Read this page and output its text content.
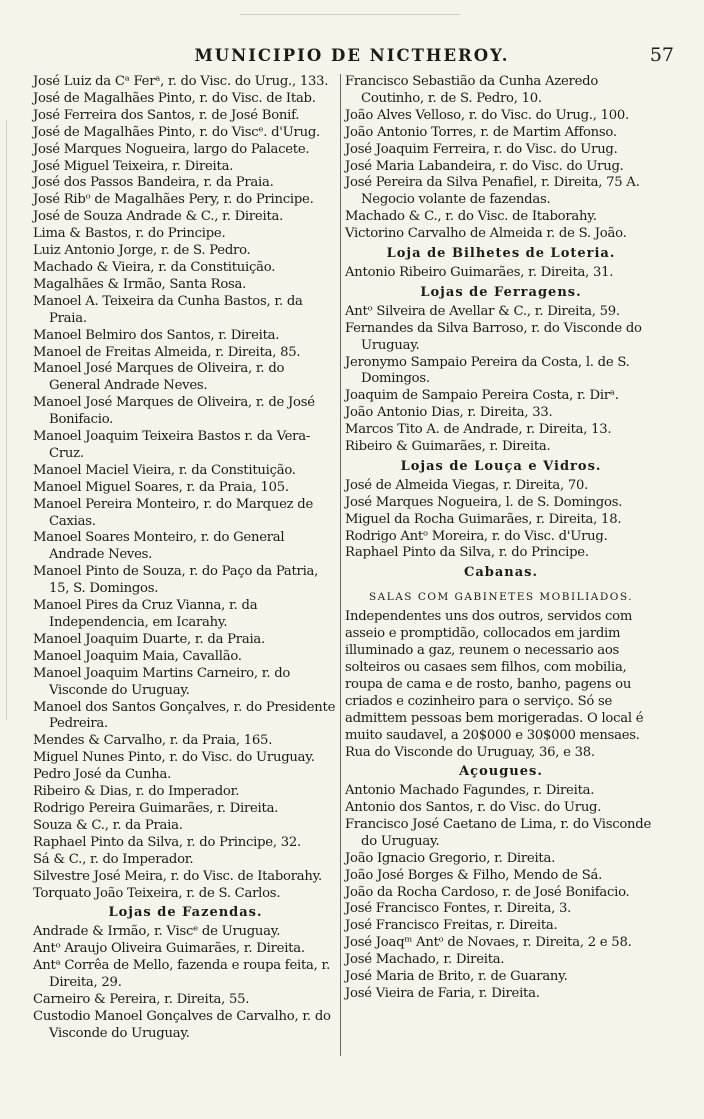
MUNICIPIO DE NICTHEROY.	57
José Luiz da Cᵃ Ferᵃ, r. do Visc. do Urug., 133.
José de Magalhães Pinto, r. do Visc. de Itab.
José Ferreira dos Santos, r. de José Bonif.
José de Magalhães Pinto, r. do Viscᵉ. d'Urug.
José Marques Nogueira, largo do Palacete.
José Miguel Teixeira, r. Direita.
José dos Passos Bandeira, r. da Praia.
José Ribᵒ de Magalhães Pery, r. do Principe.
José de Souza Andrade & C., r. Direita.
Lima & Bastos, r. do Principe.
Luiz Antonio Jorge, r. de S. Pedro.
Machado & Vieira, r. da Constituição.
Magalhães & Irmão, Santa Rosa.
Manoel A. Teixeira da Cunha Bastos, r. da Praia.
Manoel Belmiro dos Santos, r. Direita.
Manoel de Freitas Almeida, r. Direita, 85.
Manoel José Marques de Oliveira, r. do General Andrade Neves.
Manoel José Marques de Oliveira, r. de José Bonifacio.
Manoel Joaquim Teixeira Bastos r. da Vera-Cruz.
Manoel Maciel Vieira, r. da Constituição.
Manoel Miguel Soares, r. da Praia, 105.
Manoel Pereira Monteiro, r. do Marquez de Caxias.
Manoel Soares Monteiro, r. do General Andrade Neves.
Manoel Pinto de Souza, r. do Paço da Patria, 15, S. Domingos.
Manoel Pires da Cruz Vianna, r. da Independencia, em Icarahy.
Manoel Joaquim Duarte, r. da Praia.
Manoel Joaquim Maia, Cavallão.
Manoel Joaquim Martins Carneiro, r. do Visconde do Uruguay.
Manoel dos Santos Gonçalves, r. do Presidente Pedreira.
Mendes & Carvalho, r. da Praia, 165.
Miguel Nunes Pinto, r. do Visc. do Uruguay.
Pedro José da Cunha.
Ribeiro & Dias, r. do Imperador.
Rodrigo Pereira Guimarães, r. Direita.
Souza & C., r. da Praia.
Raphael Pinto da Silva, r. do Principe, 32.
Sá & C., r. do Imperador.
Silvestre José Meira, r. do Visc. de Itaborahy.
Torquato João Teixeira, r. de S. Carlos.
Lojas de Fazendas.
Andrade & Irmão, r. Viscᵉ de Uruguay.
Antᵒ Araujo Oliveira Guimarães, r. Direita.
Antᵃ Corrêa de Mello, fazenda e roupa feita, r. Direita, 29.
Carneiro & Pereira, r. Direita, 55.
Custodio Manoel Gonçalves de Carvalho, r. do Visconde do Uruguay.
Francisco Sebastião da Cunha Azeredo Coutinho, r. de S. Pedro, 10.
João Alves Velloso, r. do Visc. do Urug., 100.
João Antonio Torres, r. de Martim Affonso.
José Joaquim Ferreira, r. do Visc. do Urug.
José Maria Labandeira, r. do Visc. do Urug.
José Pereira da Silva Penafiel, r. Direita, 75 A. Negocio volante de fazendas.
Machado & C., r. do Visc. de Itaborahy.
Victorino Carvalho de Almeida r. de S. João.
Loja de Bilhetes de Loteria.
Antonio Ribeiro Guimarães, r. Direita, 31.
Lojas de Ferragens.
Antᵒ Silveira de Avellar & C., r. Direita, 59.
Fernandes da Silva Barroso, r. do Visconde do Uruguay.
Jeronymo Sampaio Pereira da Costa, l. de S. Domingos.
Joaquim de Sampaio Pereira Costa, r. Dirᵃ.
João Antonio Dias, r. Direita, 33.
Marcos Tito A. de Andrade, r. Direita, 13.
Ribeiro & Guimarães, r. Direita.
Lojas de Louça e Vidros.
José de Almeida Viegas, r. Direita, 70.
José Marques Nogueira, l. de S. Domingos.
Miguel da Rocha Guimarães, r. Direita, 18.
Rodrigo Antᵒ Moreira, r. do Visc. d'Urug.
Raphael Pinto da Silva, r. do Principe.
Cabanas.
SALAS COM GABINETES MOBILIADOS.
Independentes uns dos outros, servidos com asseio e promptidão, collocados em jardim illuminado a gaz, reunem o necessario aos solteiros ou casaes sem filhos, com mobilia, roupa de cama e de rosto, banho, pagens ou criados e cozinheiro para o serviço. Só se admittem pessoas bem morigeradas. O local é muito saudavel, a 20$000 e 30$000 mensaes. Rua do Visconde do Uruguay, 36, e 38.
Açougues.
Antonio Machado Fagundes, r. Direita.
Antonio dos Santos, r. do Visc. do Urug.
Francisco José Caetano de Lima, r. do Visconde do Uruguay.
João Ignacio Gregorio, r. Direita.
João José Borges & Filho, Mendo de Sá.
João da Rocha Cardoso, r. de José Bonifacio.
José Francisco Fontes, r. Direita, 3.
José Francisco Freitas, r. Direita.
José Joaqᵐ Antᵒ de Novaes, r. Direita, 2 e 58.
José Machado, r. Direita.
José Maria de Brito, r. de Guarany.
José Vieira de Faria, r. Direita.
